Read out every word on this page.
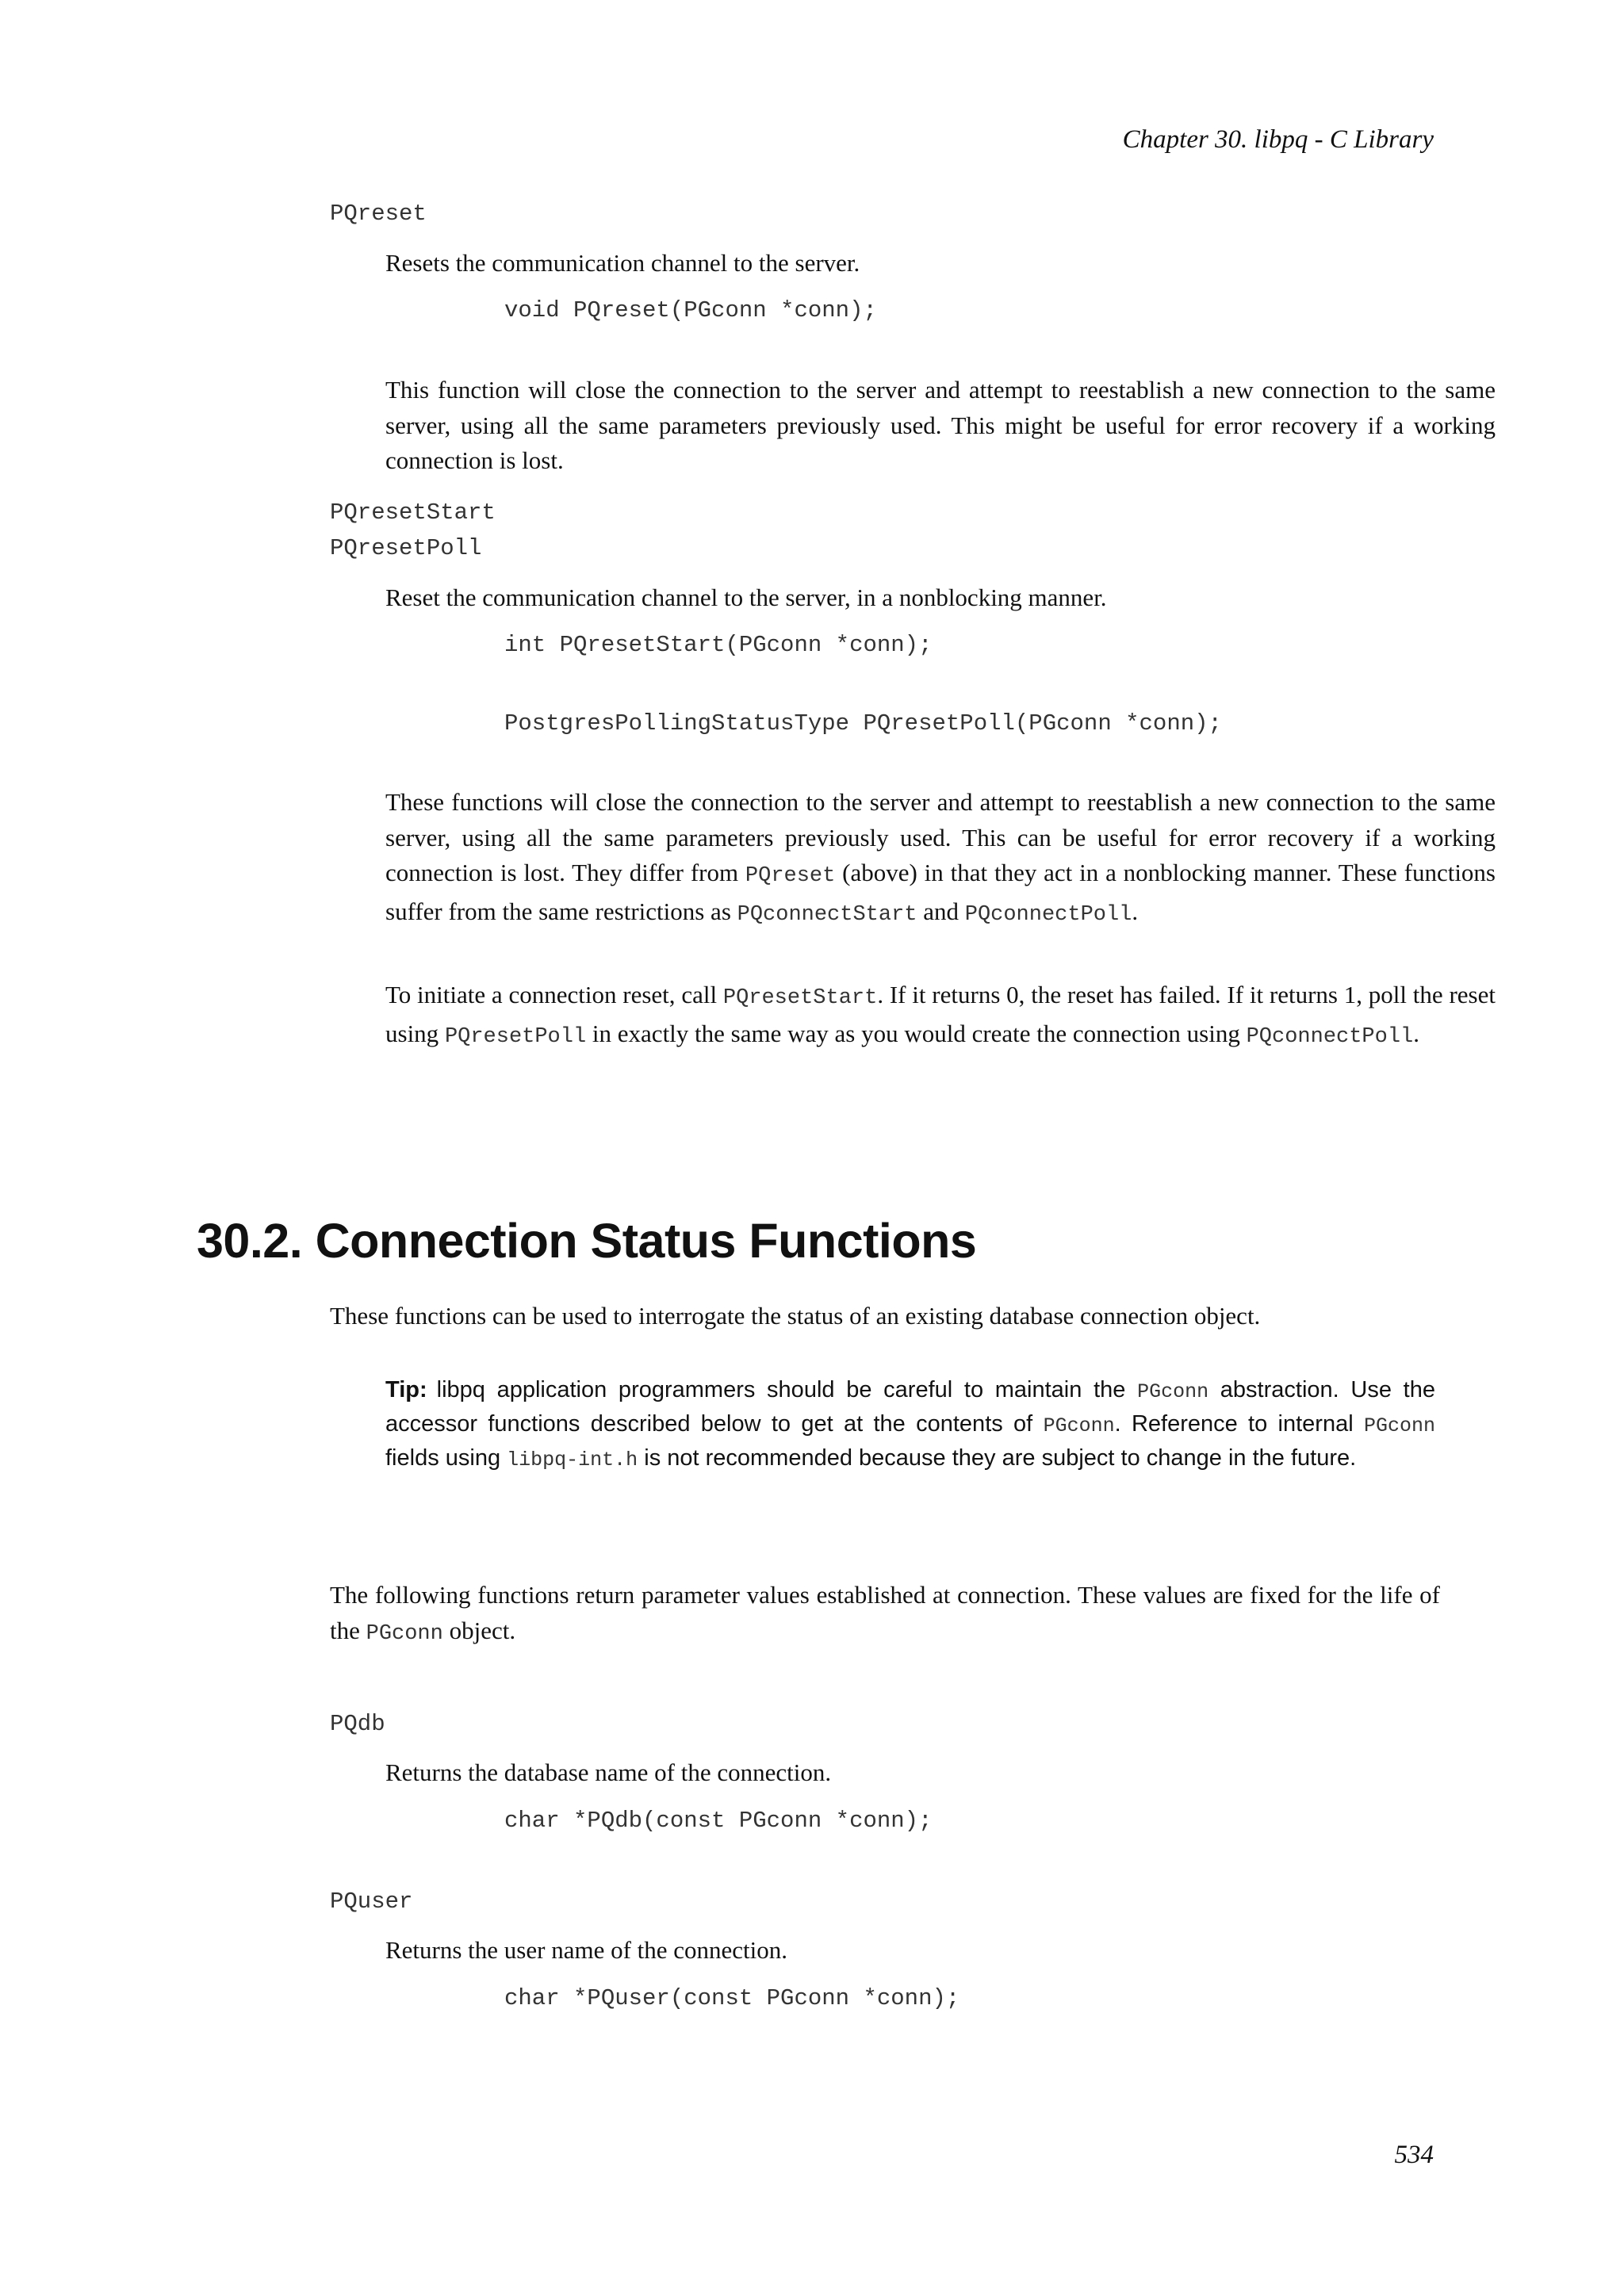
Chapter 30. libpq - C Library
PQreset
Resets the communication channel to the server.
void PQreset(PGconn *conn);
This function will close the connection to the server and attempt to reestablish a new connection to the same server, using all the same parameters previously used. This might be useful for error recovery if a working connection is lost.
PQresetStart
PQresetPoll
Reset the communication channel to the server, in a nonblocking manner.
int PQresetStart(PGconn *conn);
PostgresPollingStatusType PQresetPoll(PGconn *conn);
These functions will close the connection to the server and attempt to reestablish a new connection to the same server, using all the same parameters previously used. This can be useful for error recovery if a working connection is lost. They differ from PQreset (above) in that they act in a nonblocking manner. These functions suffer from the same restrictions as PQconnectStart and PQconnectPoll.
To initiate a connection reset, call PQresetStart. If it returns 0, the reset has failed. If it returns 1, poll the reset using PQresetPoll in exactly the same way as you would create the connection using PQconnectPoll.
30.2. Connection Status Functions
These functions can be used to interrogate the status of an existing database connection object.
Tip: libpq application programmers should be careful to maintain the PGconn abstraction. Use the accessor functions described below to get at the contents of PGconn. Reference to internal PGconn fields using libpq-int.h is not recommended because they are subject to change in the future.
The following functions return parameter values established at connection. These values are fixed for the life of the PGconn object.
PQdb
Returns the database name of the connection.
char *PQdb(const PGconn *conn);
PQuser
Returns the user name of the connection.
char *PQuser(const PGconn *conn);
534
